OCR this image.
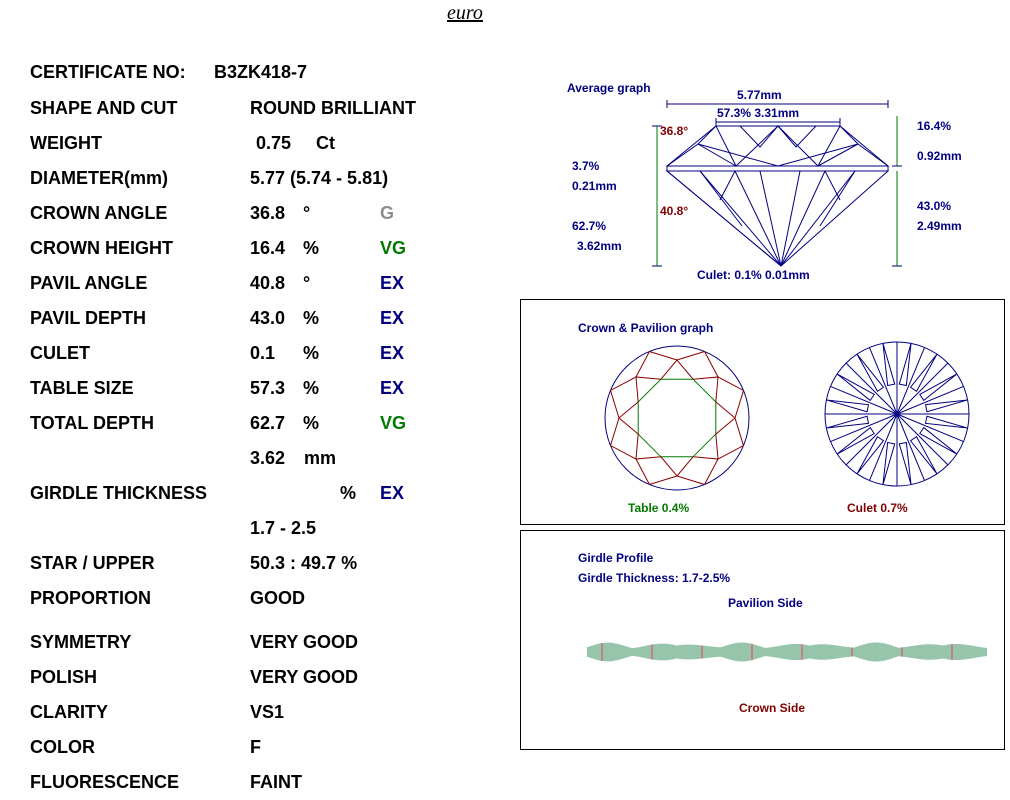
euro
CERTIFICATE NO: B3ZK418-7
SHAPE AND CUT	ROUND BRILLIANT
WEIGHT	0.75 Ct
DIAMETER(mm)	5.77 (5.74 - 5.81)
CROWN ANGLE	36.8 °	G
CROWN HEIGHT	16.4 %	VG
PAVIL ANGLE	40.8 °	EX
PAVIL DEPTH	43.0 %	EX
CULET	0.1 %	EX
TABLE SIZE	57.3 %	EX
TOTAL DEPTH	62.7 %	VG
3.62 mm
GIRDLE THICKNESS	% EX
1.7 - 2.5
STAR / UPPER	50.3 : 49.7 %
PROPORTION	GOOD
SYMMETRY	VERY GOOD
POLISH	VERY GOOD
CLARITY	VS1
COLOR	F
FLUORESCENCE	FAINT
Average graph	5.77mm
57.3% 3.31mm
16.4%
0.92mm
3.7%
0.21mm
43.0%
2.49mm
62.7%
3.62mm
Culet: 0.1% 0.01mm
36.8°
40.8°
Crown & Pavilion graph
Table 0.4%	Culet 0.7%
Girdle Profile
Girdle Thickness: 1.7-2.5%
Pavilion Side
Crown Side
